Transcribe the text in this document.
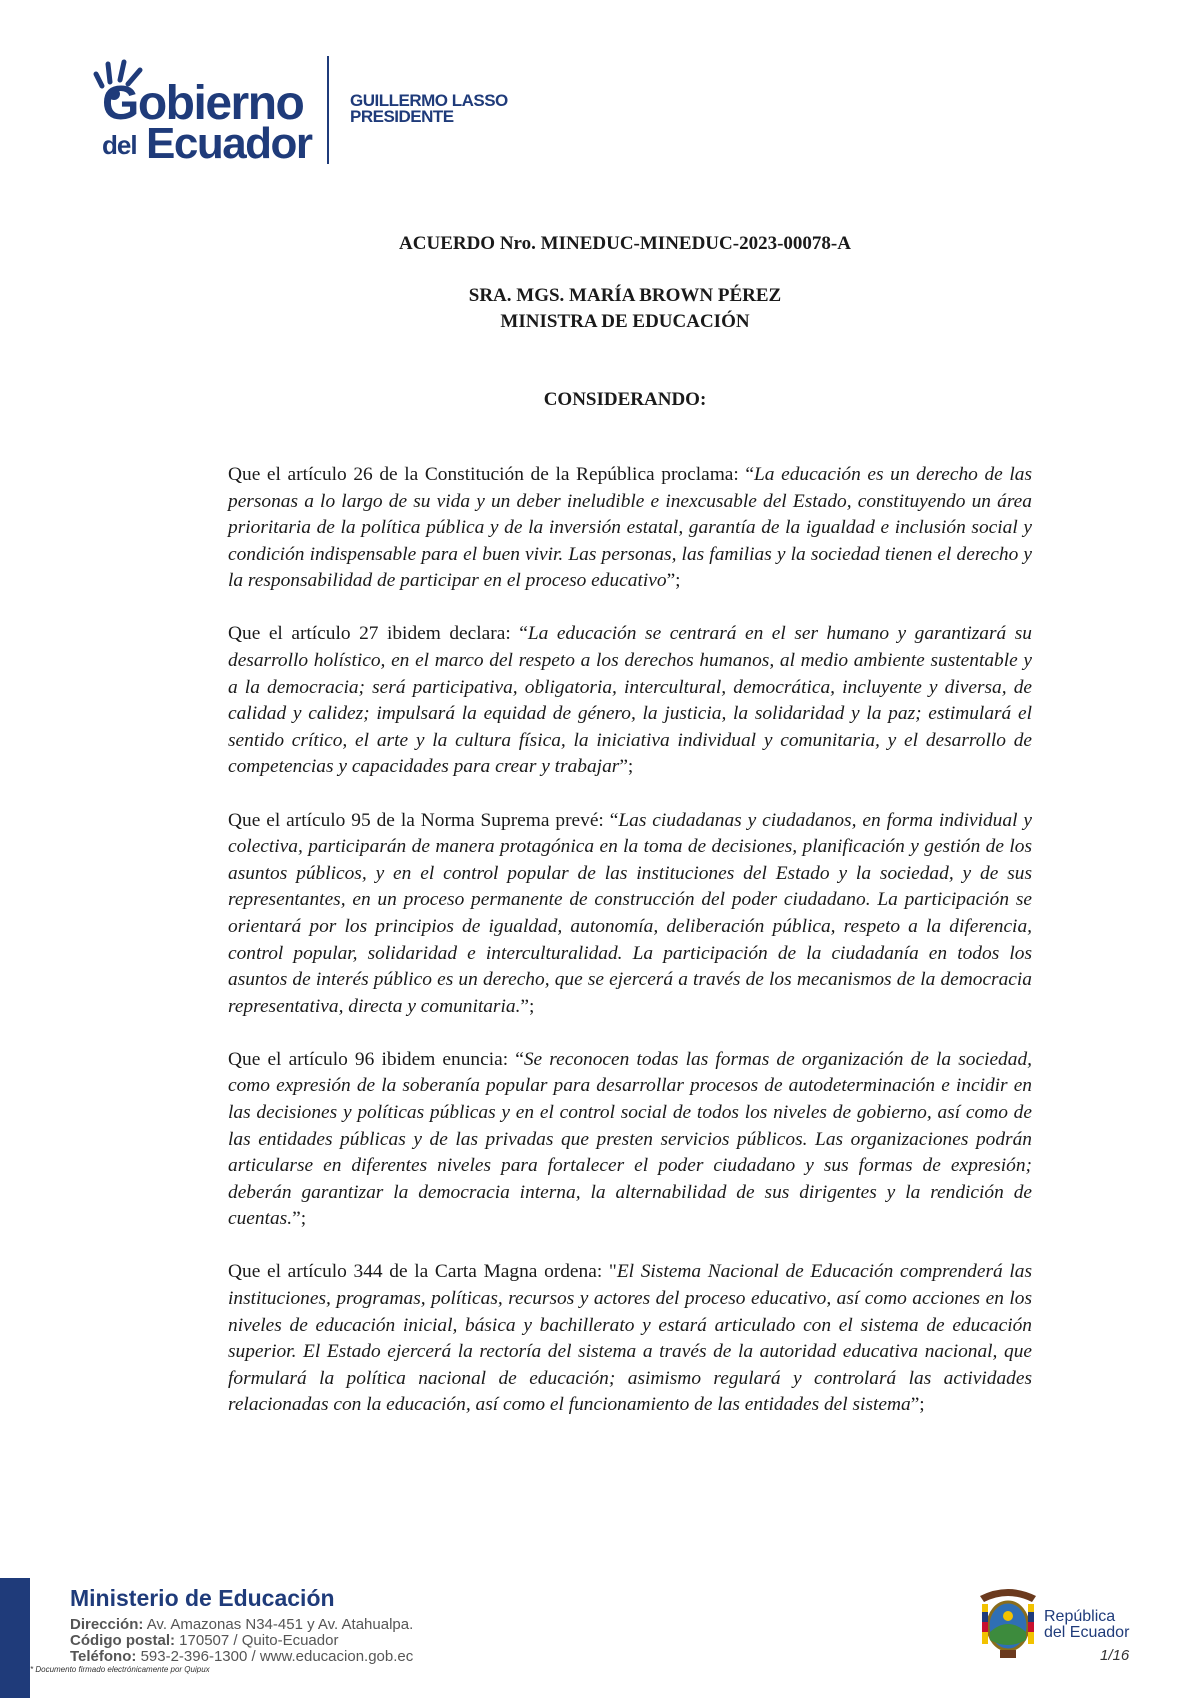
Gobierno
del Ecuador
GUILLERMO LASSO
PRESIDENTE
ACUERDO Nro. MINEDUC-MINEDUC-2023-00078-A
SRA. MGS. MARÍA BROWN PÉREZ
MINISTRA DE EDUCACIÓN
CONSIDERANDO:

Que el artículo 26 de la Constitución de la República proclama: “La educación es un derecho de las personas a lo largo de su vida y un deber ineludible e inexcusable del Estado, constituyendo un área prioritaria de la política pública y de la inversión estatal, garantía de la igualdad e inclusión social y condición indispensable para el buen vivir. Las personas, las familias y la sociedad tienen el derecho y la responsabilidad de participar en el proceso educativo”;

Que el artículo 27 ibidem declara: “La educación se centrará en el ser humano y garantizará su desarrollo holístico, en el marco del respeto a los derechos humanos, al medio ambiente sustentable y a la democracia; será participativa, obligatoria, intercultural, democrática, incluyente y diversa, de calidad y calidez; impulsará la equidad de género, la justicia, la solidaridad y la paz; estimulará el sentido crítico, el arte y la cultura física, la iniciativa individual y comunitaria, y el desarrollo de competencias y capacidades para crear y trabajar”;

Que el artículo 95 de la Norma Suprema prevé: “Las ciudadanas y ciudadanos, en forma individual y colectiva, participarán de manera protagónica en la toma de decisiones, planificación y gestión de los asuntos públicos, y en el control popular de las instituciones del Estado y la sociedad, y de sus representantes, en un proceso permanente de construcción del poder ciudadano. La participación se orientará por los principios de igualdad, autonomía, deliberación pública, respeto a la diferencia, control popular, solidaridad e interculturalidad. La participación de la ciudadanía en todos los asuntos de interés público es un derecho, que se ejercerá a través de los mecanismos de la democracia representativa, directa y comunitaria.”;

Que el artículo 96 ibidem enuncia: “Se reconocen todas las formas de organización de la sociedad, como expresión de la soberanía popular para desarrollar procesos de autodeterminación e incidir en las decisiones y políticas públicas y en el control social de todos los niveles de gobierno, así como de las entidades públicas y de las privadas que presten servicios públicos. Las organizaciones podrán articularse en diferentes niveles para fortalecer el poder ciudadano y sus formas de expresión; deberán garantizar la democracia interna, la alternabilidad de sus dirigentes y la rendición de cuentas.”;

Que el artículo 344 de la Carta Magna ordena: "El Sistema Nacional de Educación comprenderá las instituciones, programas, políticas, recursos y actores del proceso educativo, así como acciones en los niveles de educación inicial, básica y bachillerato y estará articulado con el sistema de educación superior. El Estado ejercerá la rectoría del sistema a través de la autoridad educativa nacional, que formulará la política nacional de educación; asimismo regulará y controlará las actividades relacionadas con la educación, así como el funcionamiento de las entidades del sistema”;

Ministerio de Educación
Dirección: Av. Amazonas N34-451 y Av. Atahualpa.
Código postal: 170507 / Quito-Ecuador
Teléfono: 593-2-396-1300 / www.educacion.gob.ec
* Documento firmado electrónicamente por Quipux
República
del Ecuador
1/16
